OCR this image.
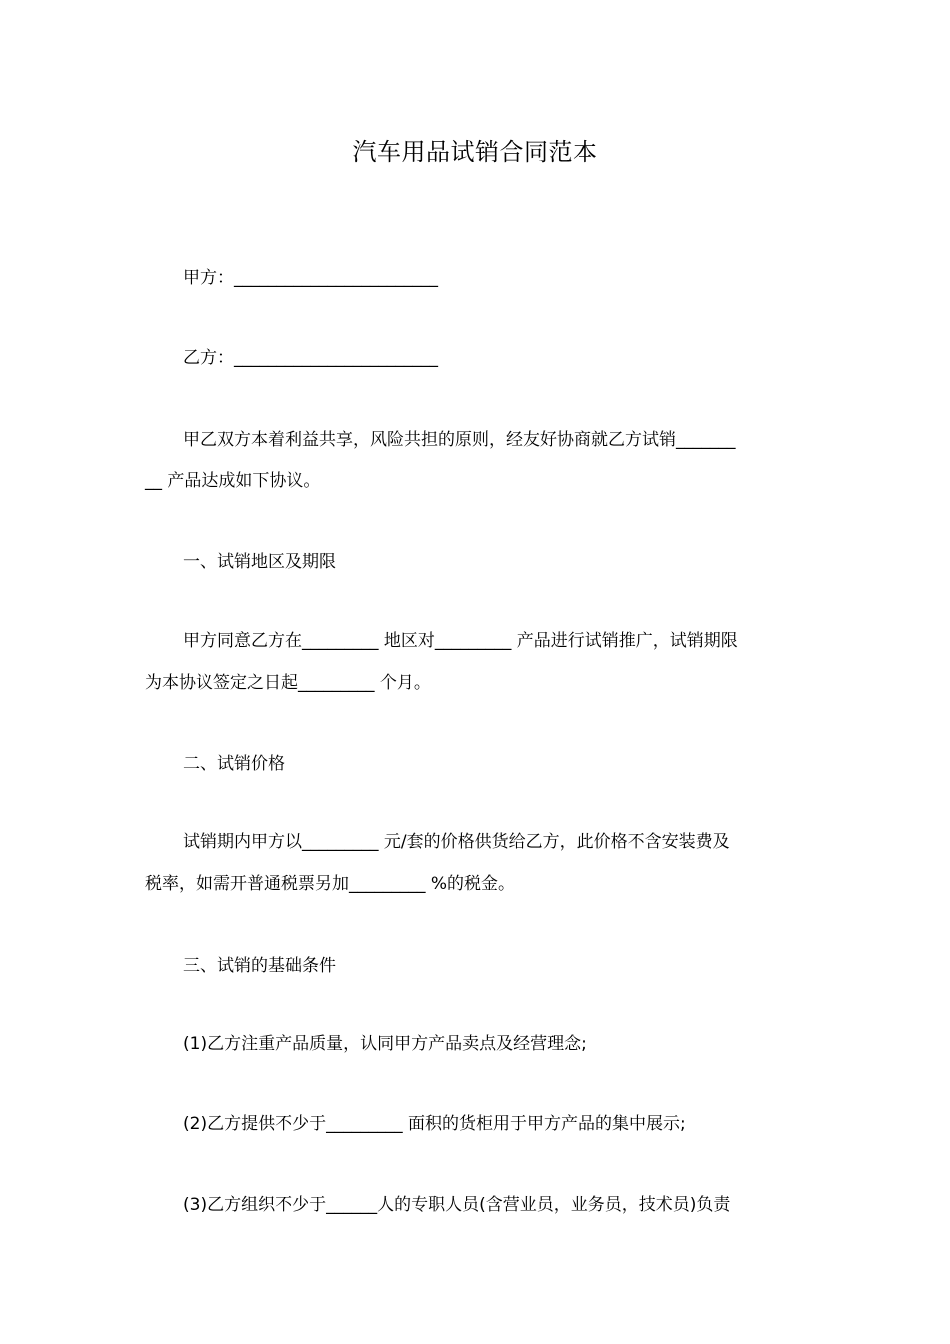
汽车用品试销合同范本
甲方：________________________
乙方：________________________
甲乙双方本着利益共享，风险共担的原则，经友好协商就乙方试销_______
__ 产品达成如下协议。
一、试销地区及期限
甲方同意乙方在_________ 地区对_________ 产品进行试销推广，试销期限
为本协议签定之日起_________ 个月。
二、试销价格
试销期内甲方以_________ 元/套的价格供货给乙方，此价格不含安装费及
税率，如需开普通税票另加_________ %的税金。
三、试销的基础条件
(1)乙方注重产品质量，认同甲方产品卖点及经营理念;
(2)乙方提供不少于_________ 面积的货柜用于甲方产品的集中展示;
(3)乙方组织不少于______人的专职人员(含营业员，业务员，技术员)负责
